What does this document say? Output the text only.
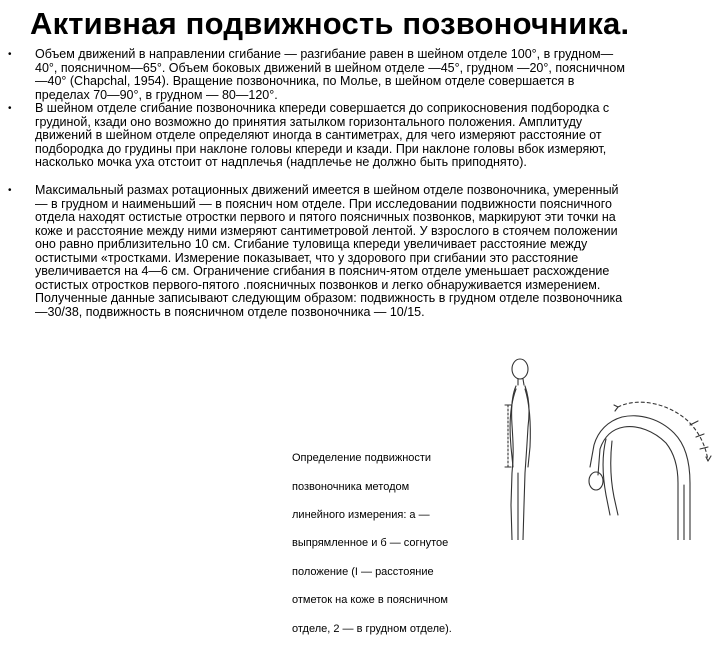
Активная подвижность позвоночника.
• Объем движений в направлении сгибание — разгибание равен в шейном отделе 100°, в грудном—40°, поясничном—65°. Объем боковых движений в шейном отделе —45°, грудном —20°, поясничном —40° (Chapchal, 1954). Вращение позвоночника, по Молье, в шейном отделе совершается в пределах 70—90°, в грудном — 80—120°.
• В шейном отделе сгибание позвоночника кпереди совершается до соприкосновения подбородка с грудиной, кзади оно возможно до принятия затылком горизонтального положения. Амплитуду движений в шейном отделе определяют иногда в сантиметрах, для чего измеряют расстояние от подбородка до грудины при наклоне головы кпереди и кзади. При наклоне головы вбок измеряют, насколько мочка уха отстоит от надплечья (надплечье не должно быть приподнято).
• Максимальный размах ротационных движений имеется в шейном отделе позвоночника, умеренный — в грудном и наименьший — в пояснич ном отделе. При исследовании подвижности поясничного отдела находят остистые отростки первого и пятого поясничных позвонков, маркируют эти точки на коже и расстояние между ними измеряют сантиметровой лентой. У взрослого в стоячем положении оно равно приблизительно 10 см. Сгибание туловища кпереди увеличивает расстояние между остистыми «тростками. Измерение показывает, что у здорового при сгибании это расстояние увеличивается на 4—6 см. Ограничение сгибания в пояснич-ятом отделе уменьшает расхождение остистых отростков первого-пятого .поясничных позвонков и легко обнаруживается измерением. Полученные данные записывают следующим образом: подвижность в грудном отделе позвоночника—30/38, подвижность в поясничном отделе позвоночника — 10/15.

Определение подвижности

позвоночника методом

линейного измерения: а —

выпрямленное и б — согнутое

положение (I — расстояние

отметок на коже в поясничном

отделе, 2 — в грудном отделе).
